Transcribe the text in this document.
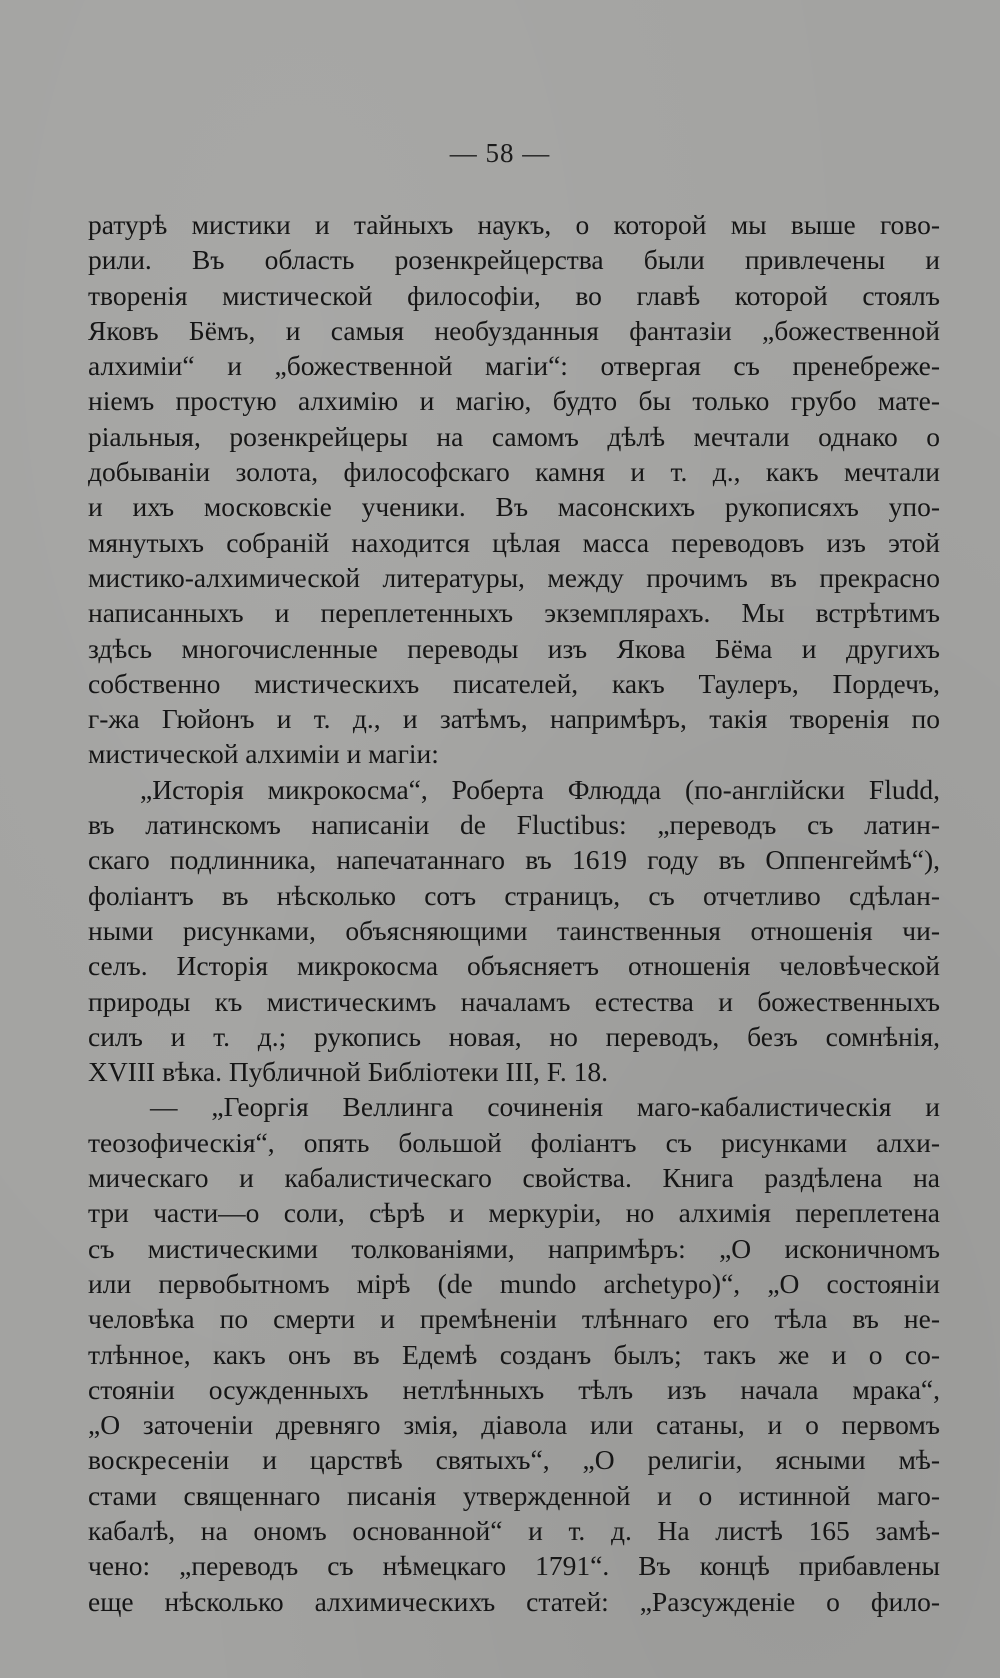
— 58 —
ратурѣ мистики и тайныхъ наукъ, о которой мы выше гово-
рили. Въ область розенкрейцерства были привлечены и
творенія мистической философіи, во главѣ которой стоялъ
Яковъ Бёмъ, и самыя необузданныя фантазіи „божественной
алхиміи“ и „божественной магіи“: отвергая съ пренебреже-
ніемъ простую алхимію и магію, будто бы только грубо мате-
ріальныя, розенкрейцеры на самомъ дѣлѣ мечтали однако о
добываніи золота, философскаго камня и т. д., какъ мечтали
и ихъ московскіе ученики. Въ масонскихъ рукописяхъ упо-
мянутыхъ собраній находится цѣлая масса переводовъ изъ этой
мистико-алхимической литературы, между прочимъ въ прекрасно
написанныхъ и переплетенныхъ экземплярахъ. Мы встрѣтимъ
здѣсь многочисленные переводы изъ Якова Бёма и другихъ
собственно мистическихъ писателей, какъ Таулеръ, Пордечъ,
г-жа Гюйонъ и т. д., и затѣмъ, напримѣръ, такія творенія по
мистической алхиміи и магіи:
„Исторія микрокосма“, Роберта Флюдда (по-англійски Fludd,
въ латинскомъ написаніи de Fluctibus: „переводъ съ латин-
скаго подлинника, напечатаннаго въ 1619 году въ Оппенгеймѣ“),
фоліантъ въ нѣсколько сотъ страницъ, съ отчетливо сдѣлан-
ными рисунками, объясняющими таинственныя отношенія чи-
селъ. Исторія микрокосма объясняетъ отношенія человѣческой
природы къ мистическимъ началамъ естества и божественныхъ
силъ и т. д.; рукопись новая, но переводъ, безъ сомнѣнія,
XVIII вѣка. Публичной Библіотеки III, F. 18.
— „Георгія Веллинга сочиненія маго-кабалистическія и
теозофическія“, опять большой фоліантъ съ рисунками алхи-
мическаго и кабалистическаго свойства. Книга раздѣлена на
три части—о соли, сѣрѣ и меркуріи, но алхимія переплетена
съ мистическими толкованіями, напримѣръ: „О исконичномъ
или первобытномъ мірѣ (de mundo archetypo)“, „О состояніи
человѣка по смерти и премѣненіи тлѣннаго его тѣла въ не-
тлѣнное, какъ онъ въ Едемѣ созданъ былъ; такъ же и о со-
стояніи осужденныхъ нетлѣнныхъ тѣлъ изъ начала мрака“,
„О заточеніи древняго змія, діавола или сатаны, и о первомъ
воскресеніи и царствѣ святыхъ“, „О религіи, ясными мѣ-
стами священнаго писанія утвержденной и о истинной маго-
кабалѣ, на ономъ основанной“ и т. д. На листѣ 165 замѣ-
чено: „переводъ съ нѣмецкаго 1791“. Въ концѣ прибавлены
еще нѣсколько алхимическихъ статей: „Разсужденіе о фило-
